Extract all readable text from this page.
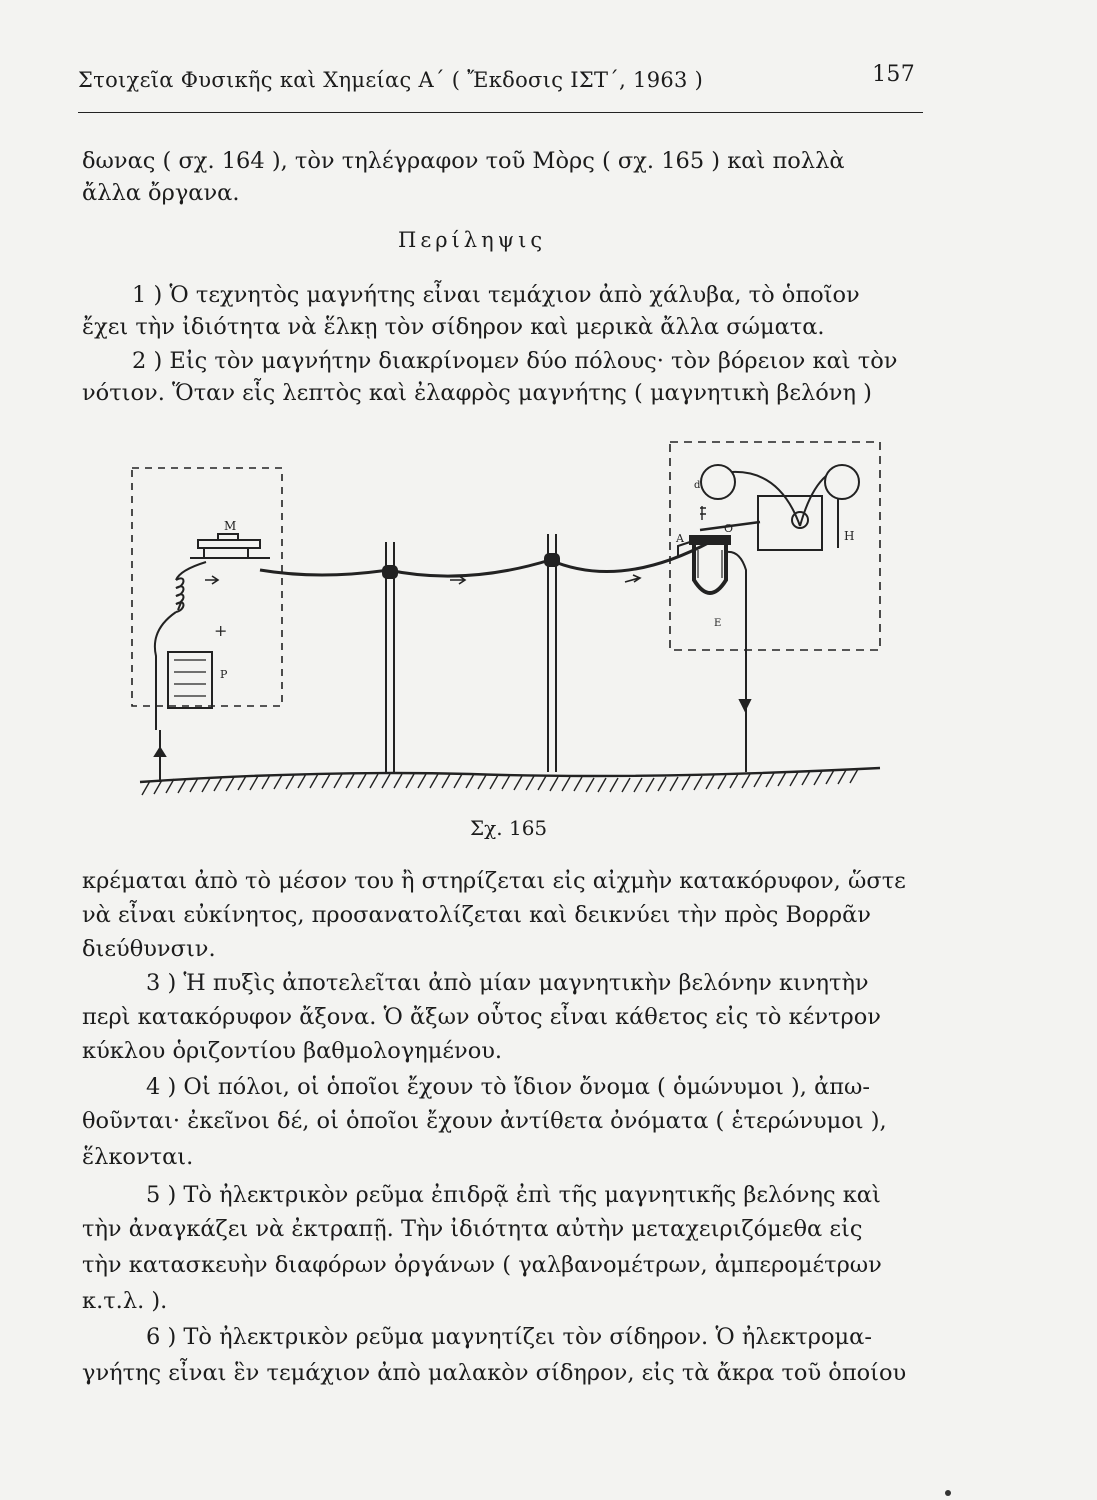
Στοιχεῖα Φυσικῆς καὶ Χημείας Α΄ ( Ἔκδοσις ΙΣΤ΄, 1963 )	157
δωνας ( σχ. 164 ), τὸν τηλέγραφον τοῦ Μὸρς ( σχ. 165 ) καὶ πολλὰ
ἄλλα ὄργανα.
Περίληψις
1 ) Ὁ τεχνητὸς μαγνήτης εἶναι τεμάχιον ἀπὸ χάλυβα, τὸ ὁποῖον
ἔχει τὴν ἰδιότητα νὰ ἕλκῃ τὸν σίδηρον καὶ μερικὰ ἄλλα σώματα.
2 ) Εἰς τὸν μαγνήτην διακρίνομεν δύο πόλους· τὸν βόρειον καὶ τὸν
νότιον. Ὅταν εἷς λεπτὸς καὶ ἐλαφρὸς μαγνήτης ( μαγνητικὴ βελόνη )
M
+
P
H
O
A
d
E
Σχ. 165
κρέμαται ἀπὸ τὸ μέσον του ἢ στηρίζεται εἰς αἰχμὴν κατακόρυφον, ὥστε
νὰ εἶναι εὐκίνητος, προσανατολίζεται καὶ δεικνύει τὴν πρὸς Βορρᾶν
διεύθυνσιν.
3 ) Ἡ πυξὶς ἀποτελεῖται ἀπὸ μίαν μαγνητικὴν βελόνην κινητὴν
περὶ κατακόρυφον ἄξονα. Ὁ ἄξων οὗτος εἶναι κάθετος εἰς τὸ κέντρον
κύκλου ὁριζοντίου βαθμολογημένου.
4 ) Οἱ πόλοι, οἱ ὁποῖοι ἔχουν τὸ ἴδιον ὄνομα ( ὁμώνυμοι ), ἀπω-
θοῦνται· ἐκεῖνοι δέ, οἱ ὁποῖοι ἔχουν ἀντίθετα ὀνόματα ( ἑτερώνυμοι ),
ἕλκονται.
5 ) Τὸ ἠλεκτρικὸν ρεῦμα ἐπιδρᾷ ἐπὶ τῆς μαγνητικῆς βελόνης καὶ
τὴν ἀναγκάζει νὰ ἐκτραπῇ. Τὴν ἰδιότητα αὐτὴν μεταχειριζόμεθα εἰς
τὴν κατασκευὴν διαφόρων ὀργάνων ( γαλβανομέτρων, ἀμπερομέτρων
κ.τ.λ. ).
6 ) Τὸ ἠλεκτρικὸν ρεῦμα μαγνητίζει τὸν σίδηρον. Ὁ ἠλεκτρομα-
γνήτης εἶναι ἓν τεμάχιον ἀπὸ μαλακὸν σίδηρον, εἰς τὰ ἄκρα τοῦ ὁποίου
